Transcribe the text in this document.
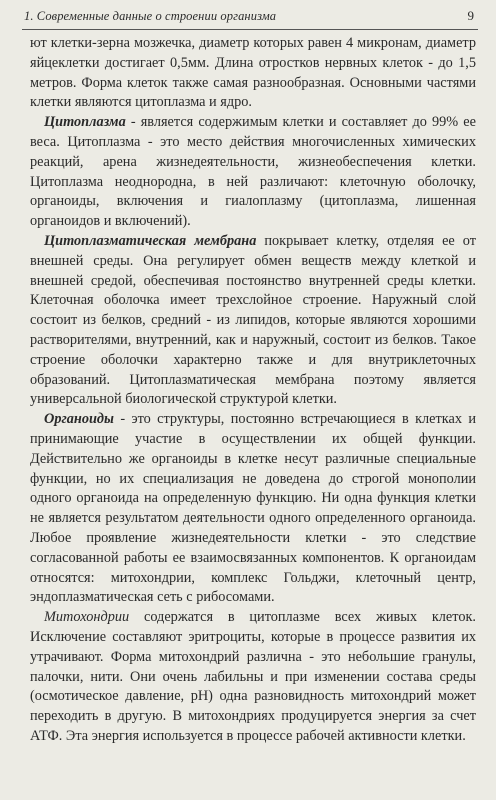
1. Современные данные о строении организма	9

ют клетки-зерна мозжечка, диаметр которых равен 4 микронам, диаметр яйцеклетки достигает 0,5мм. Длина отростков нервных клеток - до 1,5 метров. Форма клеток также самая разнообразная. Основными частями клетки являются цитоплазма и ядро.

Цитоплазма - является содержимым клетки и составляет до 99% ее веса. Цитоплазма - это место действия многочисленных химических реакций, арена жизнедеятельности, жизнеобеспечения клетки. Цитоплазма неоднородна, в ней различают: клеточную оболочку, органоиды, включения и гиалоплазму (цитоплазма, лишенная органоидов и включений).

Цитоплазматическая мембрана покрывает клетку, отделяя ее от внешней среды. Она регулирует обмен веществ между клеткой и внешней средой, обеспечивая постоянство внутренней среды клетки. Клеточная оболочка имеет трехслойное строение. Наружный слой состоит из белков, средний - из липидов, которые являются хорошими растворителями, внутренний, как и наружный, состоит из белков. Такое строение оболочки характерно также и для внутриклеточных образований. Цитоплазматическая мембрана поэтому является универсальной биологической структурой клетки.

Органоиды - это структуры, постоянно встречающиеся в клетках и принимающие участие в осуществлении их общей функции. Действительно же органоиды в клетке несут различные специальные функции, но их специализация не доведена до строгой монополии одного органоида на определенную функцию. Ни одна функция клетки не является результатом деятельности одного определенного органоида. Любое проявление жизнедеятельности клетки - это следствие согласованной работы ее взаимосвязанных компонентов. К органоидам относятся: митохондрии, комплекс Гольджи, клеточный центр, эндоплазматическая сеть с рибосомами.

Митохондрии содержатся в цитоплазме всех живых клеток. Исключение составляют эритроциты, которые в процессе развития их утрачивают. Форма митохондрий различна - это небольшие гранулы, палочки, нити. Они очень лабильны и при изменении состава среды (осмотическое давление, pH) одна разновидность митохондрий может переходить в другую. В митохондриях продуцируется энергия за счет АТФ. Эта энергия используется в процессе рабочей активности клетки.
